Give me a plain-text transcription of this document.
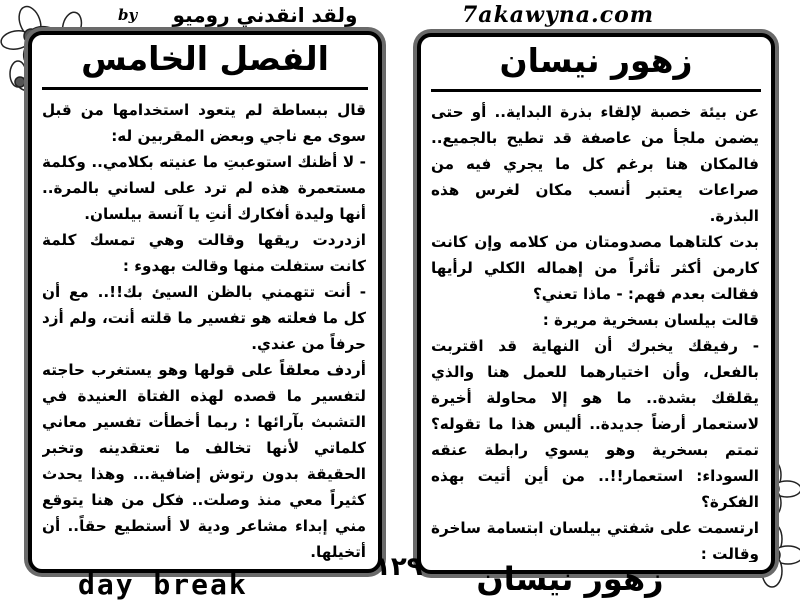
by	ولقد انقدني روميو	7akawyna.com
الفصل الخامس

قال ببساطة لم يتعود استخدامها من قبل سوى مع ناجي وبعض المقربين له:

- لا أظنك استوعبتِ ما عنيته بكلامي.. وكلمة مستعمرة هذه لم ترد على لساني بالمرة.. أنها وليدة أفكارك أنتِ يا آنسة بيلسان.

ازدردت ريقها وقالت وهي تمسك كلمة كانت ستفلت منها وقالت بهدوء :

- أنت تتهمني بالظن السيئ بك!!.. مع أن كل ما فعلته هو تفسير ما قلته أنت، ولم أزد حرفاً من عندي.

أردف معلقاً على قولها وهو يستغرب حاجته لتفسير ما قصده لهذه الفتاة العنيدة في التشبث بآرائها : ربما أخطأت تفسير معاني كلماتي لأنها تخالف ما تعتقدينه وتخبر الحقيقة بدون رتوش إضافية... وهذا يحدث كثيراً معي منذ وصلت.. فكل من هنا يتوقع مني إبداء مشاعر ودية لا أستطيع حقاً.. أن أتخيلها.

زهور نيسان

عن بيئة خصبة لإلقاء بذرة البداية.. أو حتى يضمن ملجأ من عاصفة قد تطيح بالجميع.. فالمكان هنا برغم كل ما يجري فيه من صراعات يعتبر أنسب مكان لغرس هذه البذرة.

بدت كلتاهما مصدومتان من كلامه وإن كانت كارمن أكثر تأثراً من إهماله الكلي لرأيها فقالت بعدم فهم: - ماذا تعني؟

قالت بيلسان بسخرية مريرة :

- رفيقك يخبرك أن النهاية قد اقتربت بالفعل، وأن اختيارهما للعمل هنا والذي يقلقك بشدة.. ما هو إلا محاولة أخيرة لاستعمار أرضاً جديدة.. أليس هذا ما تقوله؟ تمتم بسخرية وهو يسوي رابطة عنقه السوداء: استعمار!!.. من أين أتيت بهذه الفكرة؟

ارتسمت على شفتي بيلسان ابتسامة ساخرة وقالت :

١٢٩
day break	زهور نيسان
